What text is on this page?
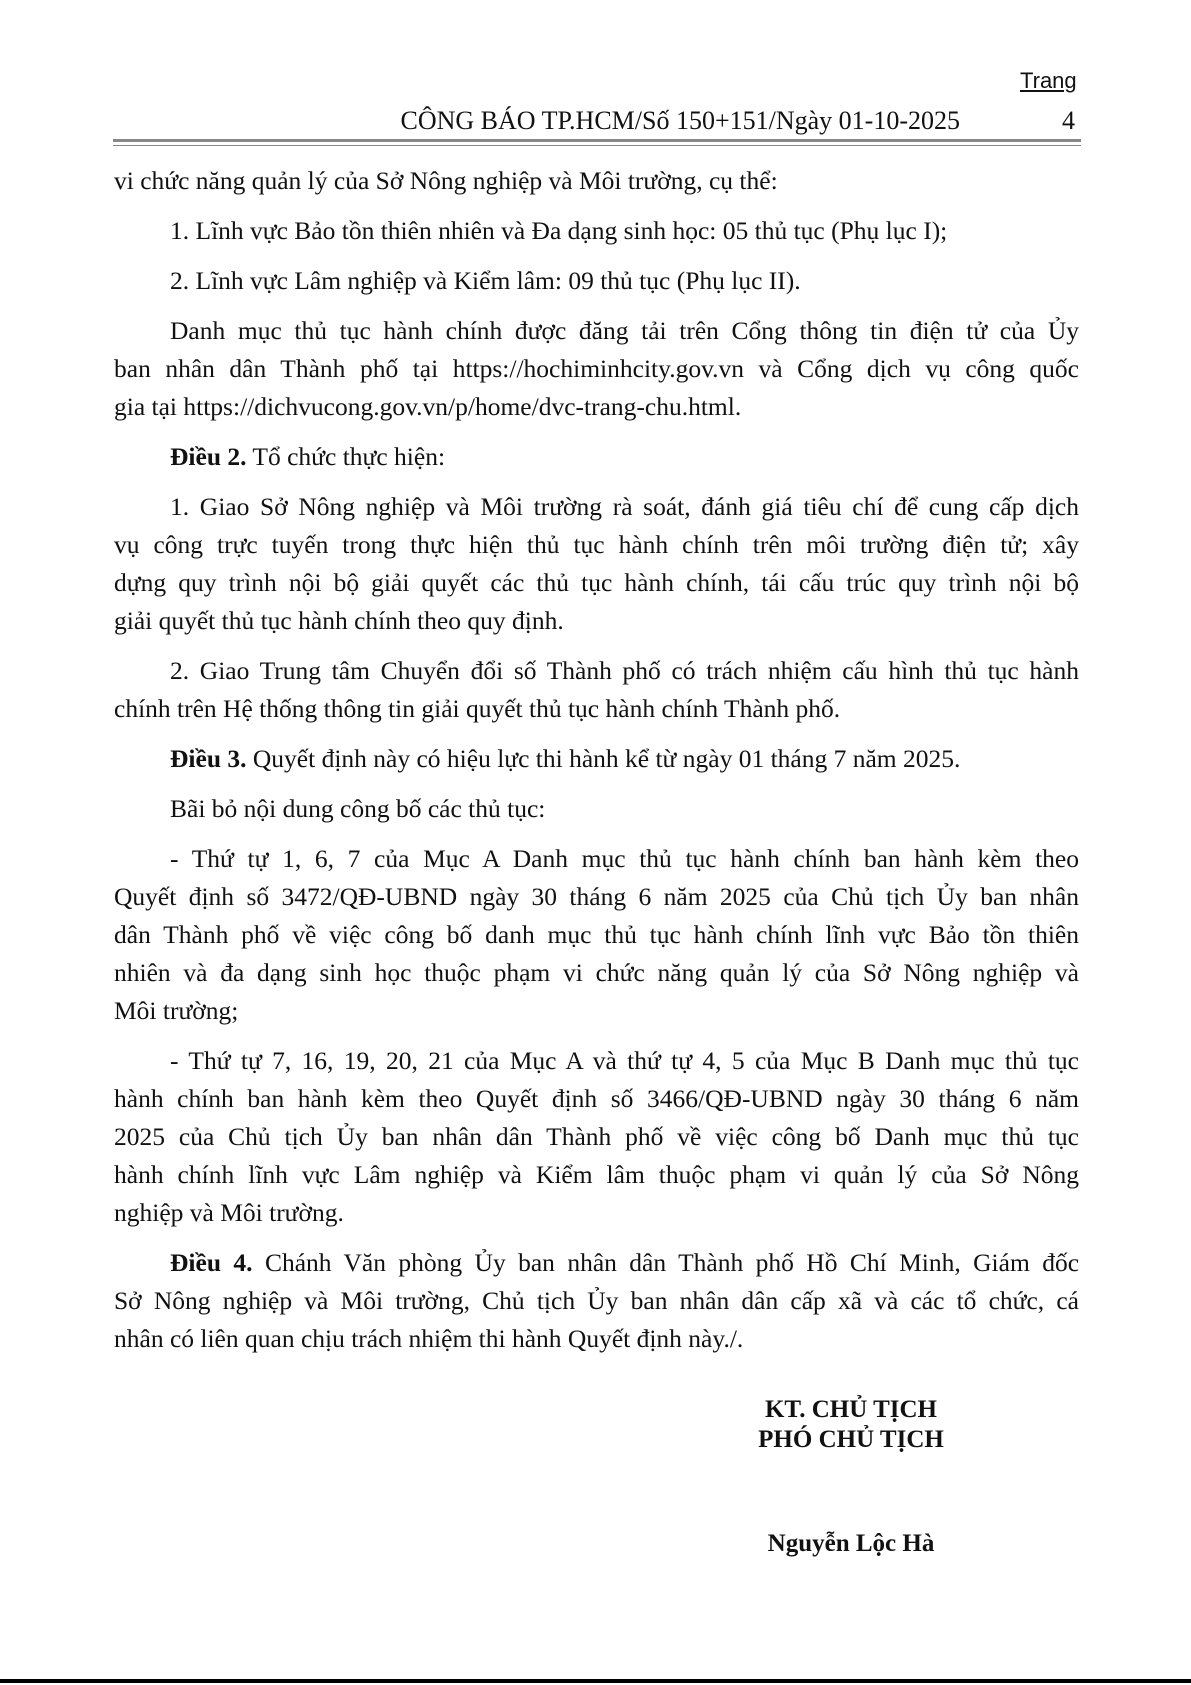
Trang
CÔNG BÁO TP.HCM/Số 150+151/Ngày 01-10-2025	4
vi chức năng quản lý của Sở Nông nghiệp và Môi trường, cụ thể:
1. Lĩnh vực Bảo tồn thiên nhiên và Đa dạng sinh học: 05 thủ tục (Phụ lục I);
2. Lĩnh vực Lâm nghiệp và Kiểm lâm: 09 thủ tục (Phụ lục II).
Danh mục thủ tục hành chính được đăng tải trên Cổng thông tin điện tử của Ủy
ban nhân dân Thành phố tại https://hochiminhcity.gov.vn và Cổng dịch vụ công quốc
gia tại https://dichvucong.gov.vn/p/home/dvc-trang-chu.html.
Điều 2. Tổ chức thực hiện:
1. Giao Sở Nông nghiệp và Môi trường rà soát, đánh giá tiêu chí để cung cấp dịch
vụ công trực tuyến trong thực hiện thủ tục hành chính trên môi trường điện tử; xây
dựng quy trình nội bộ giải quyết các thủ tục hành chính, tái cấu trúc quy trình nội bộ
giải quyết thủ tục hành chính theo quy định.
2. Giao Trung tâm Chuyển đổi số Thành phố có trách nhiệm cấu hình thủ tục hành
chính trên Hệ thống thông tin giải quyết thủ tục hành chính Thành phố.
Điều 3. Quyết định này có hiệu lực thi hành kể từ ngày 01 tháng 7 năm 2025.
Bãi bỏ nội dung công bố các thủ tục:
- Thứ tự 1, 6, 7 của Mục A Danh mục thủ tục hành chính ban hành kèm theo
Quyết định số 3472/QĐ-UBND ngày 30 tháng 6 năm 2025 của Chủ tịch Ủy ban nhân
dân Thành phố về việc công bố danh mục thủ tục hành chính lĩnh vực Bảo tồn thiên
nhiên và đa dạng sinh học thuộc phạm vi chức năng quản lý của Sở Nông nghiệp và
Môi trường;
- Thứ tự 7, 16, 19, 20, 21 của Mục A và thứ tự 4, 5 của Mục B Danh mục thủ tục
hành chính ban hành kèm theo Quyết định số 3466/QĐ-UBND ngày 30 tháng 6 năm
2025 của Chủ tịch Ủy ban nhân dân Thành phố về việc công bố Danh mục thủ tục
hành chính lĩnh vực Lâm nghiệp và Kiểm lâm thuộc phạm vi quản lý của Sở Nông
nghiệp và Môi trường.
Điều 4. Chánh Văn phòng Ủy ban nhân dân Thành phố Hồ Chí Minh, Giám đốc
Sở Nông nghiệp và Môi trường, Chủ tịch Ủy ban nhân dân cấp xã và các tổ chức, cá
nhân có liên quan chịu trách nhiệm thi hành Quyết định này./.
KT. CHỦ TỊCH
PHÓ CHỦ TỊCH
Nguyễn Lộc Hà
